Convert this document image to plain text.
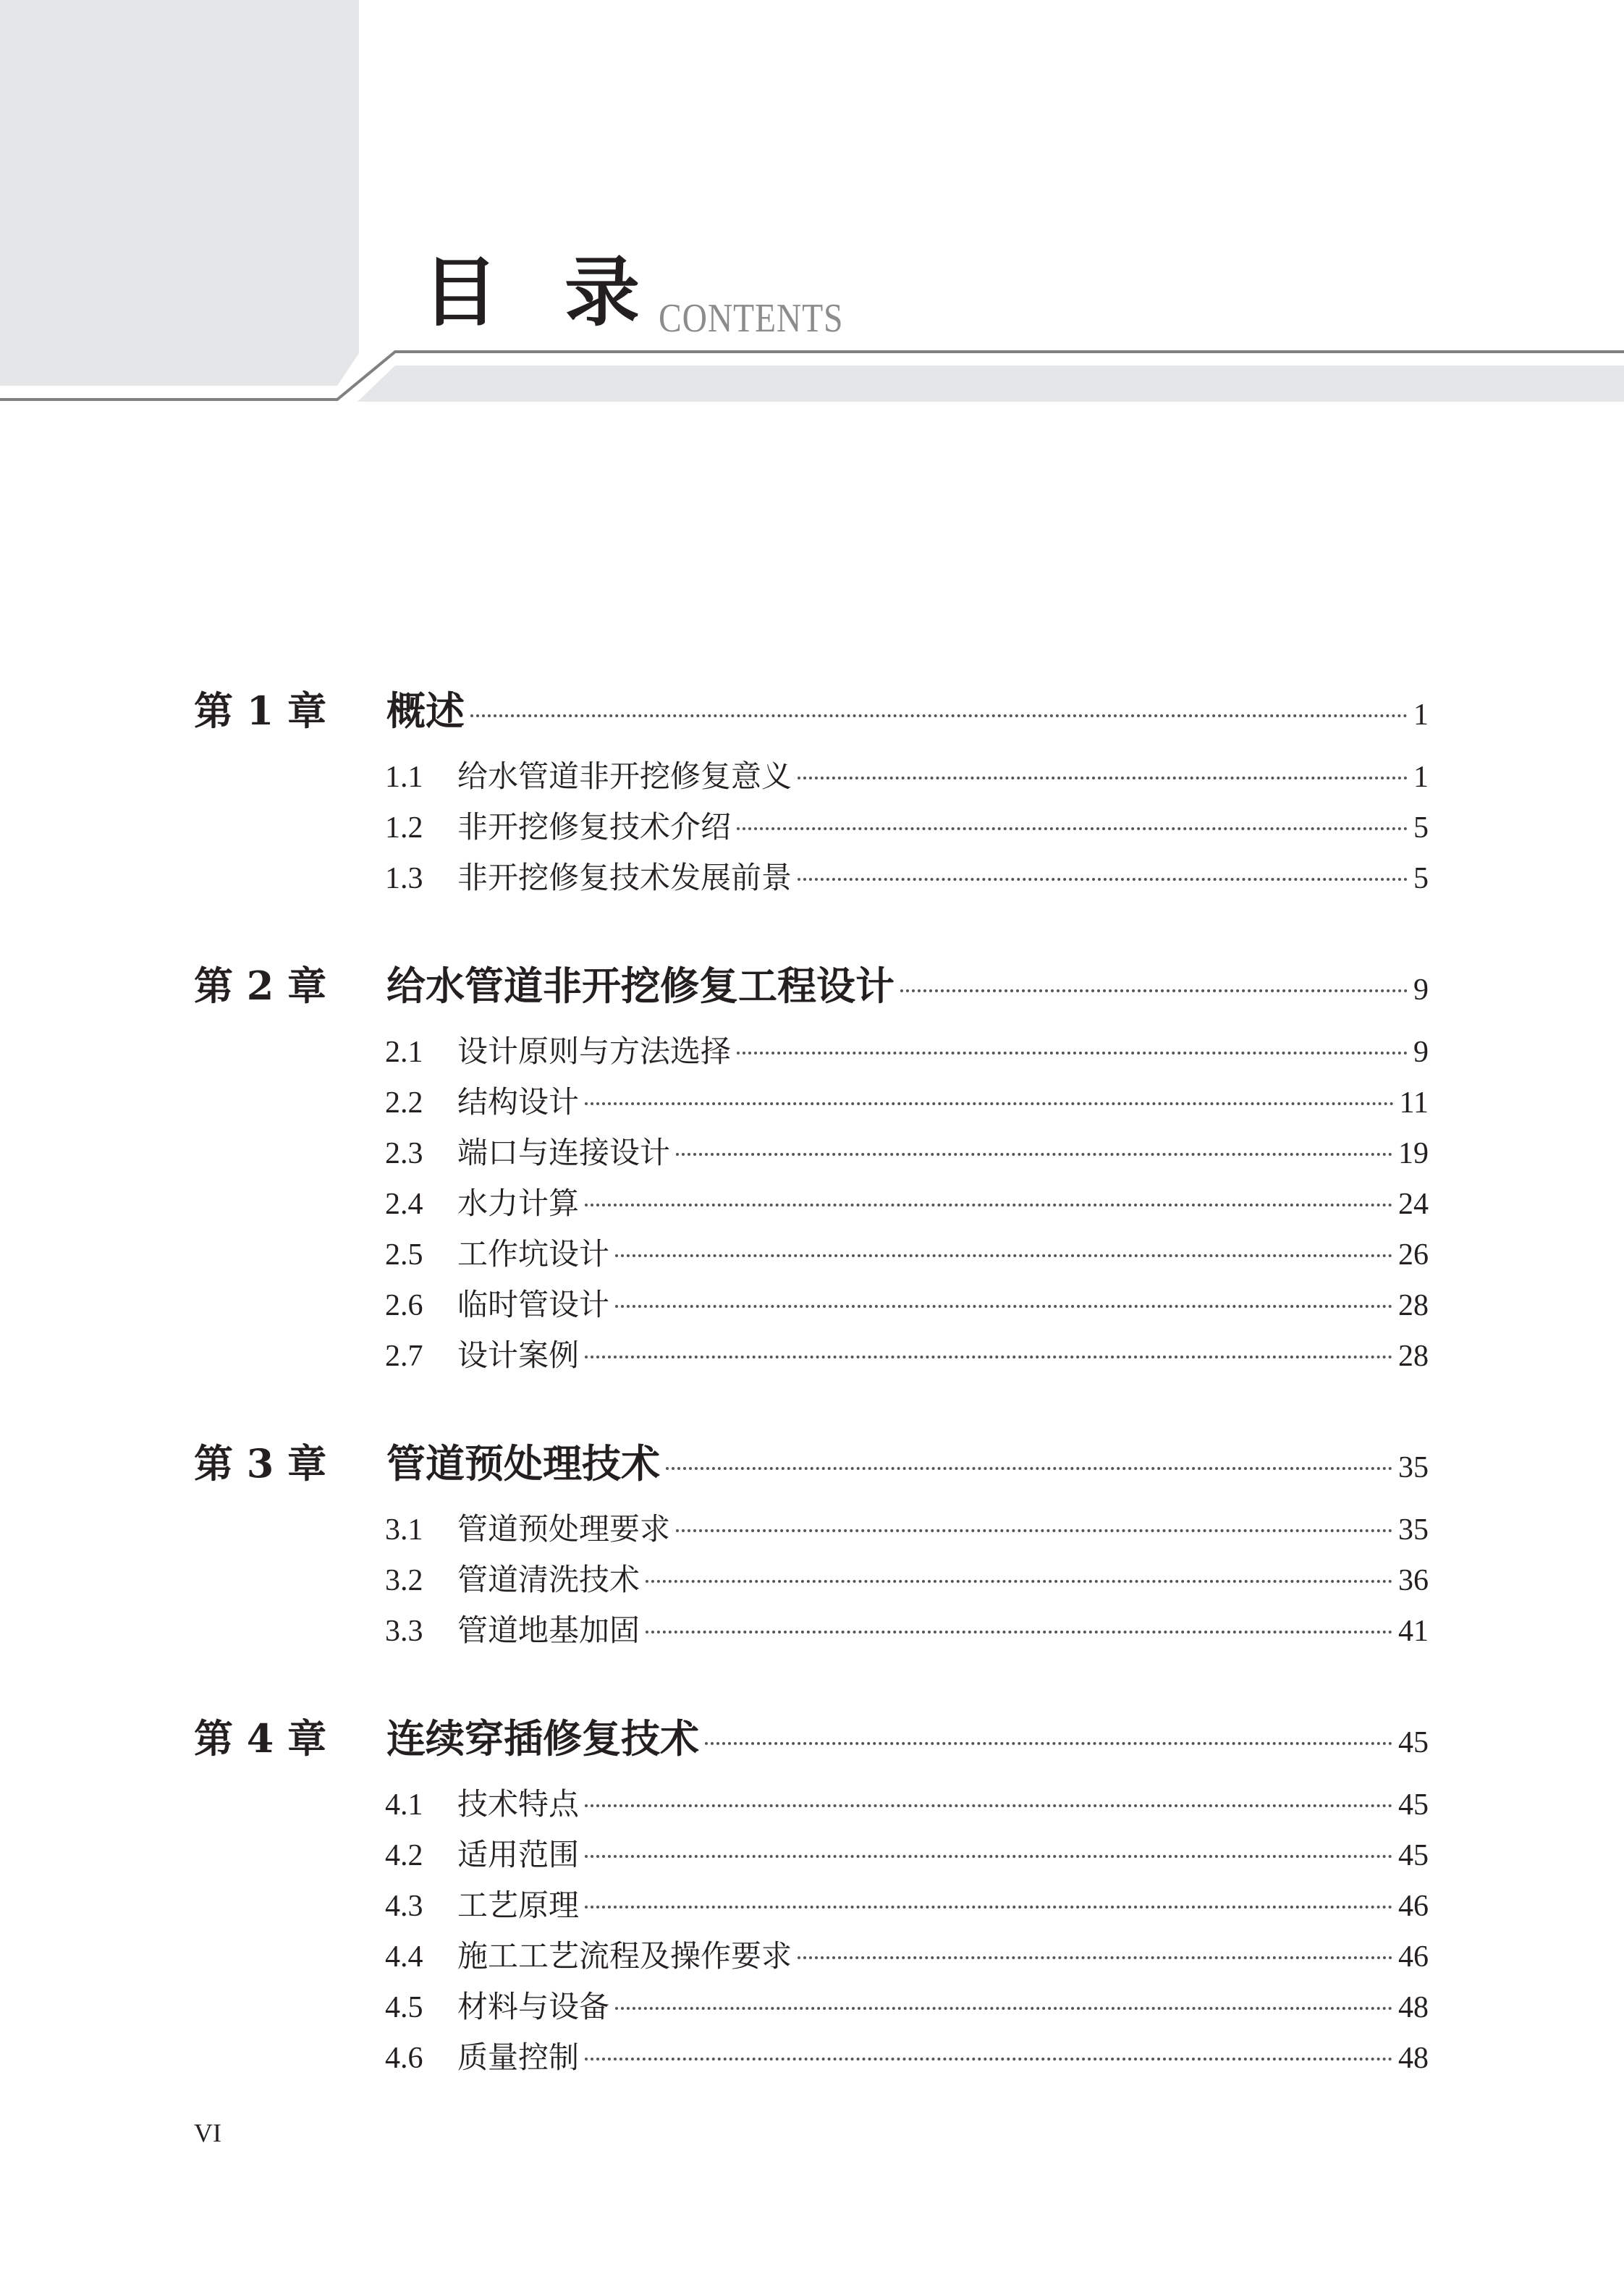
目 录 CONTENTS
第 1 章	概述	1
1.1	给水管道非开挖修复意义	1
1.2	非开挖修复技术介绍	5
1.3	非开挖修复技术发展前景	5
第 2 章	给水管道非开挖修复工程设计	9
2.1	设计原则与方法选择	9
2.2	结构设计	11
2.3	端口与连接设计	19
2.4	水力计算	24
2.5	工作坑设计	26
2.6	临时管设计	28
2.7	设计案例	28
第 3 章	管道预处理技术	35
3.1	管道预处理要求	35
3.2	管道清洗技术	36
3.3	管道地基加固	41
第 4 章	连续穿插修复技术	45
4.1	技术特点	45
4.2	适用范围	45
4.3	工艺原理	46
4.4	施工工艺流程及操作要求	46
4.5	材料与设备	48
4.6	质量控制	48
VI
